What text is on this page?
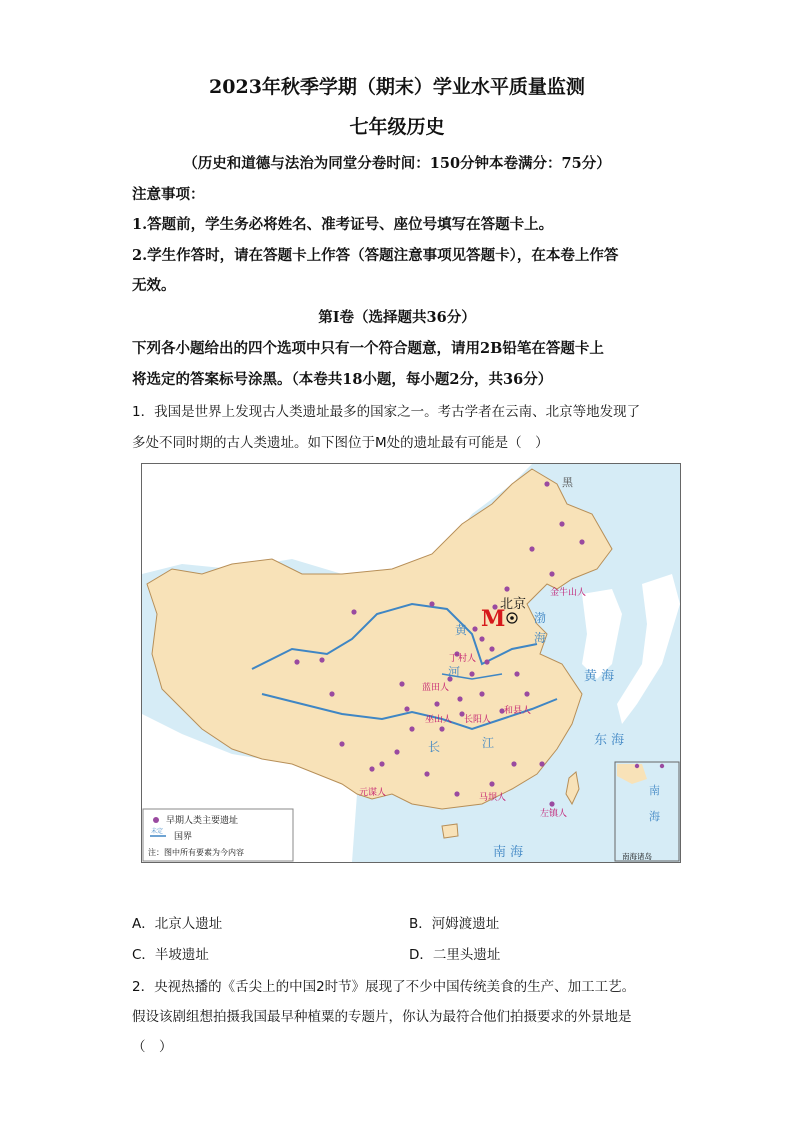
2023年秋季学期（期末）学业水平质量监测
七年级历史
（历史和道德与法治为同堂分卷时间：150分钟本卷满分：75分）
注意事项：
1.答题前，学生务必将姓名、准考证号、座位号填写在答题卡上。
2.学生作答时，请在答题卡上作答（答题注意事项见答题卡），在本卷上作答
无效。
第Ⅰ卷（选择题共36分）
下列各小题给出的四个选项中只有一个符合题意，请用2B铅笔在答题卡上
将选定的答案标号涂黑。（本卷共18小题，每小题2分，共36分）
1．我国是世界上发现古人类遗址最多的国家之一。考古学者在云南、北京等地发现了
多处不同时期的古人类遗址。如下图位于M处的遗址最有可能是（　）
M
北京
金牛山人
丁村人
蓝田人
和县人
巫山人 长阳人
元谋人	马坝人
左镇人
黄
河
渤
海
黄 海
东 海
长	江
南 海
南
海
黑
南海诸岛
早期人类主要遗址
未定
国界
注：图中所有要素为今内容
A．北京人遗址	B．河姆渡遗址
C．半坡遗址	D．二里头遗址
2．央视热播的《舌尖上的中国2时节》展现了不少中国传统美食的生产、加工工艺。
假设该剧组想拍摄我国最早种植粟的专题片，你认为最符合他们拍摄要求的外景地是
（　）
